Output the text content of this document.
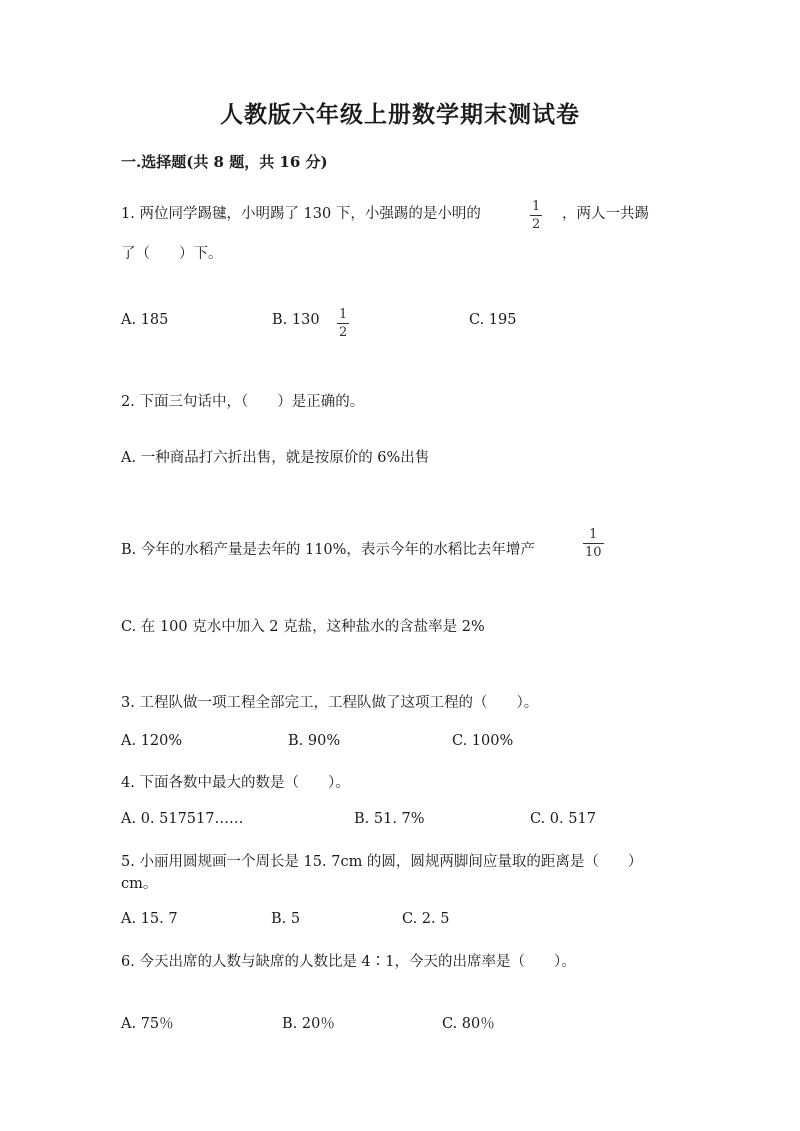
人教版六年级上册数学期末测试卷
一.选择题(共 8 题，共 16 分)
1. 两位同学踢毽，小明踢了 130 下，小强踢的是小明的	1
2
，两人一共踢
了（　　）下。
A. 185	B. 130 1
2
C. 195
2. 下面三句话中，（　　）是正确的。
A. 一种商品打六折出售，就是按原价的 6%出售
B. 今年的水稻产量是去年的 110%，表示今年的水稻比去年增产
1
10
C. 在 100 克水中加入 2 克盐，这种盐水的含盐率是 2%
3. 工程队做一项工程全部完工，工程队做了这项工程的（　　）。
A. 120%	B. 90%	C. 100%
4. 下面各数中最大的数是（　　）。
A. 0. 517517……	B. 51. 7%	C. 0. 517
5. 小丽用圆规画一个周长是 15. 7cm 的圆，圆规两脚间应量取的距离是（　　）
cm。
A. 15. 7	B. 5	C. 2. 5
6. 今天出席的人数与缺席的人数比是 4∶1，今天的出席率是（　　）。
A. 75％	B. 20％	C. 80％
